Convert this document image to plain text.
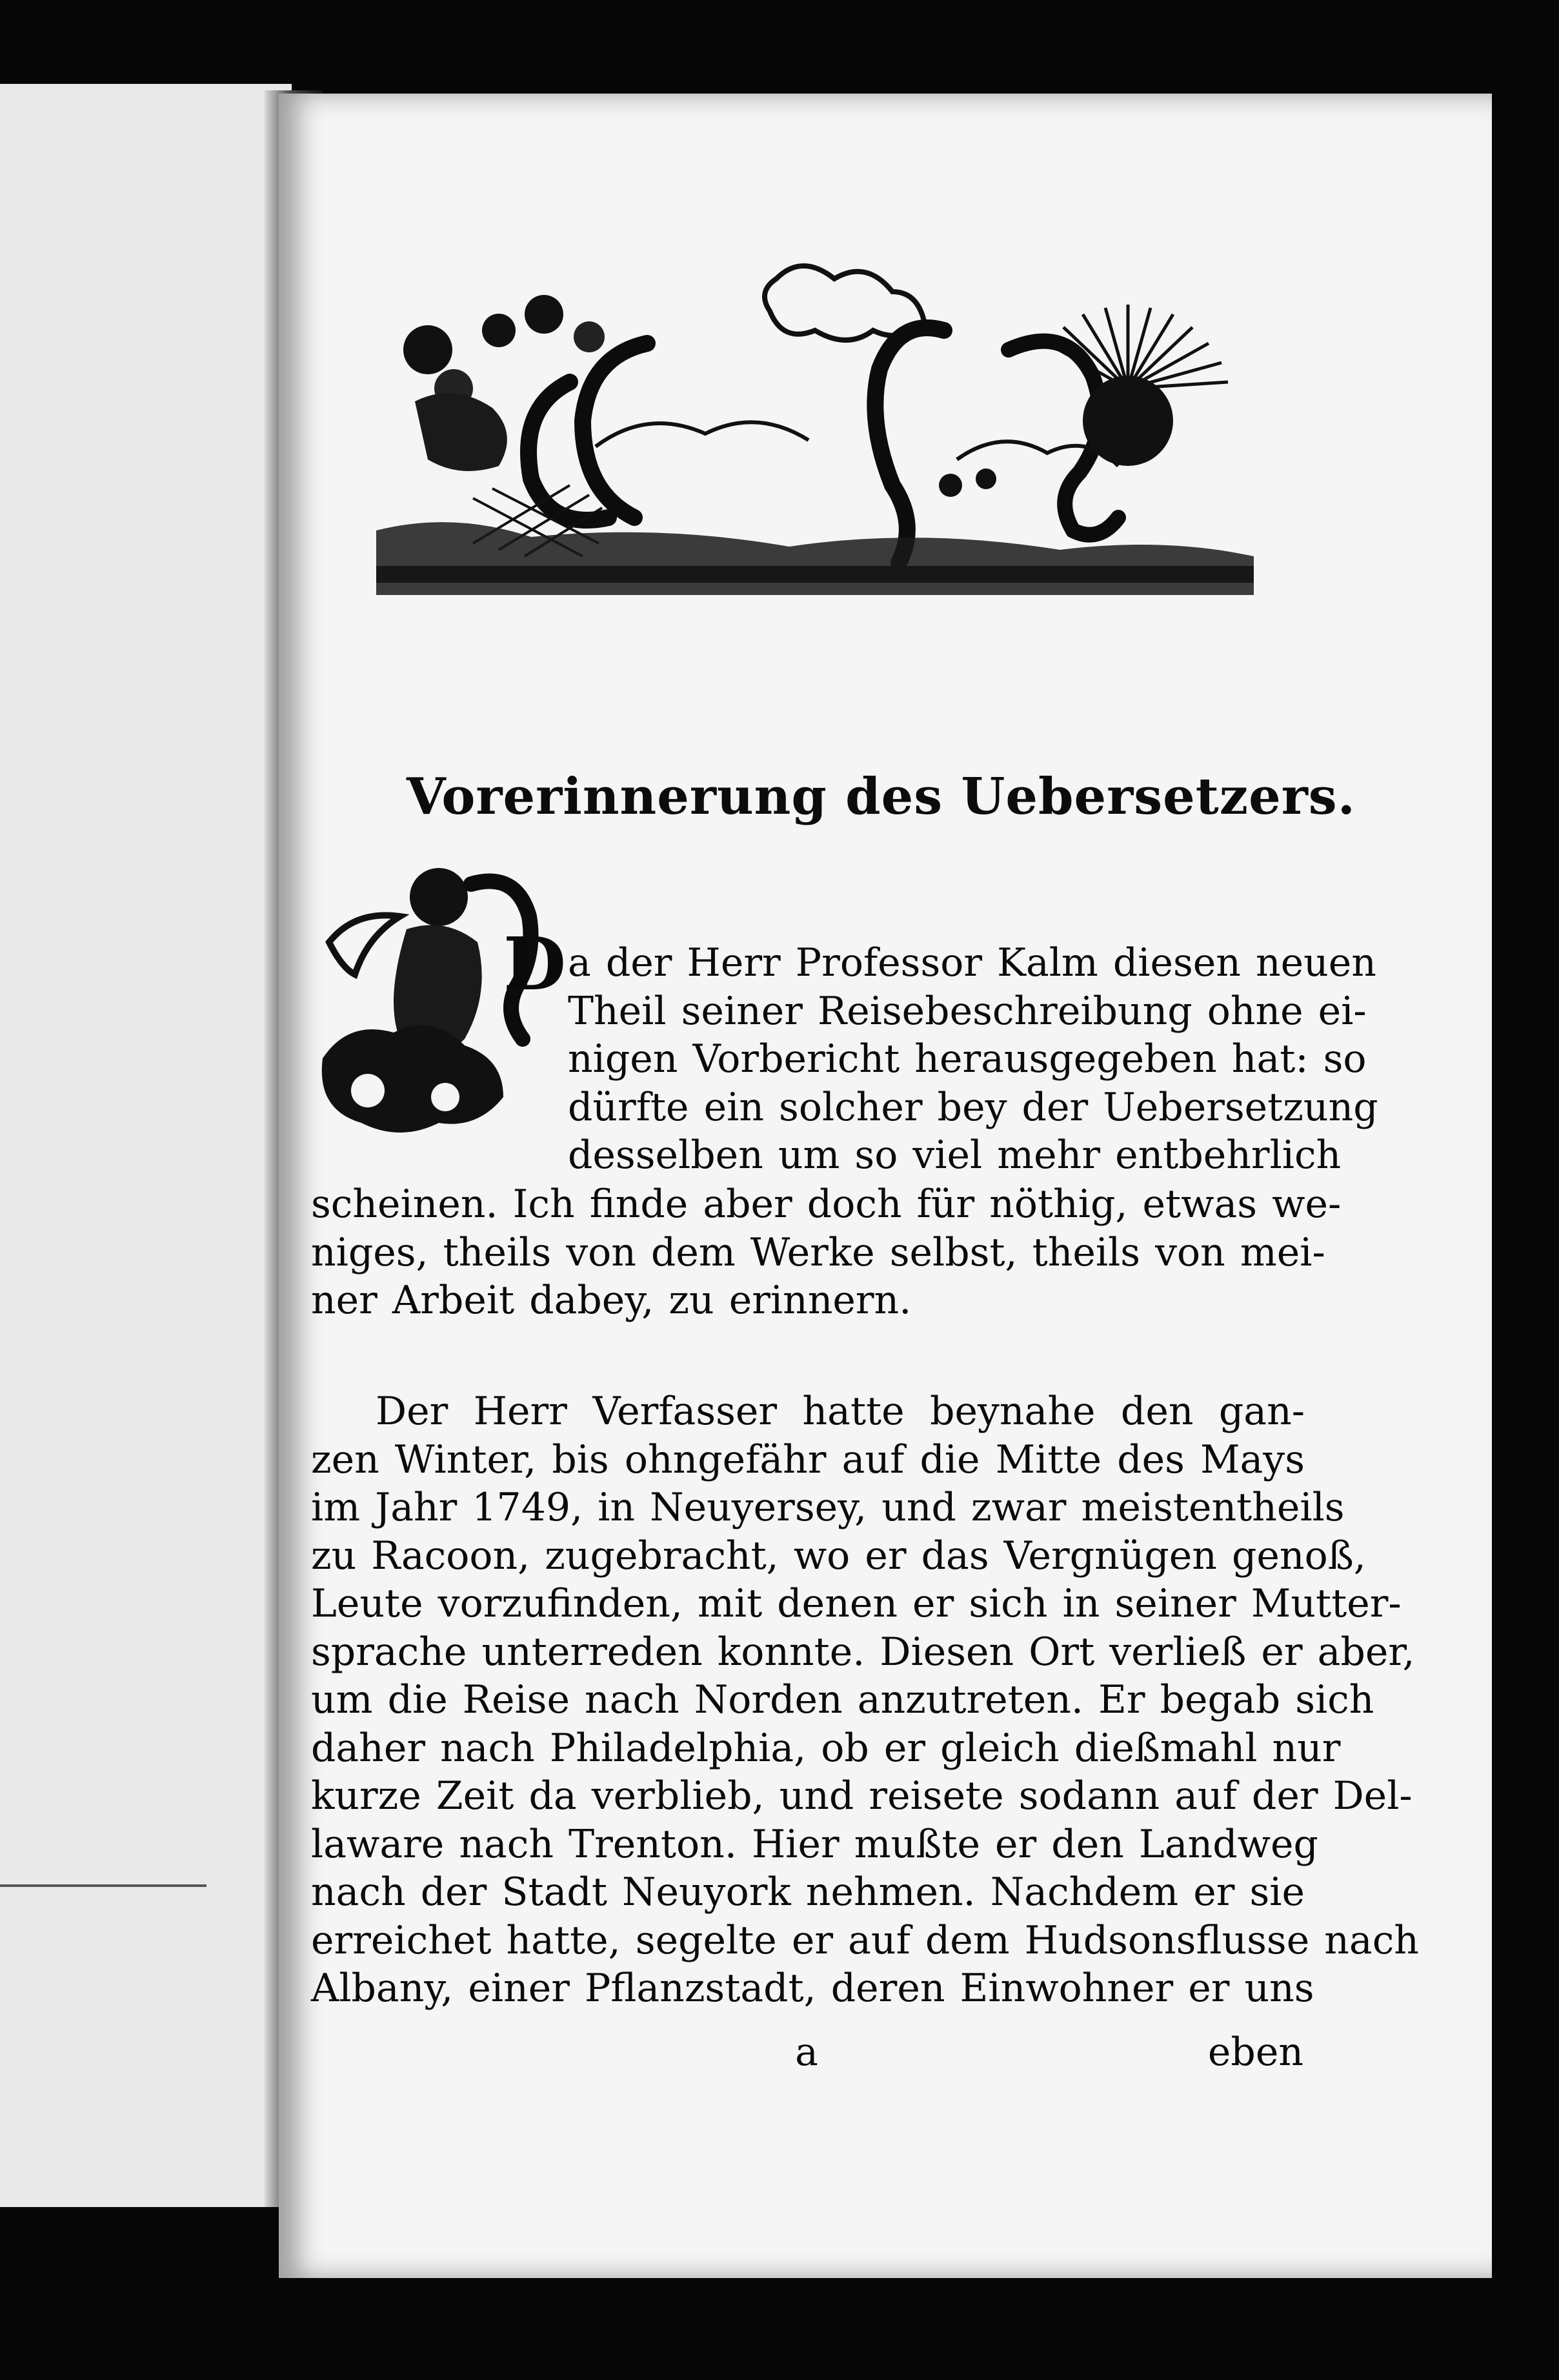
Vorerinnerung des Uebersetzers.
D a der Herr Professor Kalm diesen neuen
Theil seiner Reisebeschreibung ohne ei-
nigen Vorbericht herausgegeben hat: so
dürfte ein solcher bey der Uebersetzung
desselben um so viel mehr entbehrlich
scheinen. Ich finde aber doch für nöthig, etwas we-
niges, theils von dem Werke selbst, theils von mei-
ner Arbeit dabey, zu erinnern.
Der Herr Verfasser hatte beynahe den gan-
zen Winter, bis ohngefähr auf die Mitte des Mays
im Jahr 1749, in Neuyersey, und zwar meistentheils
zu Racoon, zugebracht, wo er das Vergnügen genoß,
Leute vorzufinden, mit denen er sich in seiner Mutter-
sprache unterreden konnte. Diesen Ort verließ er aber,
um die Reise nach Norden anzutreten. Er begab sich
daher nach Philadelphia, ob er gleich dießmahl nur
kurze Zeit da verblieb, und reisete sodann auf der Del-
laware nach Trenton. Hier mußte er den Landweg
nach der Stadt Neuyork nehmen. Nachdem er sie
erreichet hatte, segelte er auf dem Hudsonsflusse nach
Albany, einer Pflanzstadt, deren Einwohner er uns
a	eben
